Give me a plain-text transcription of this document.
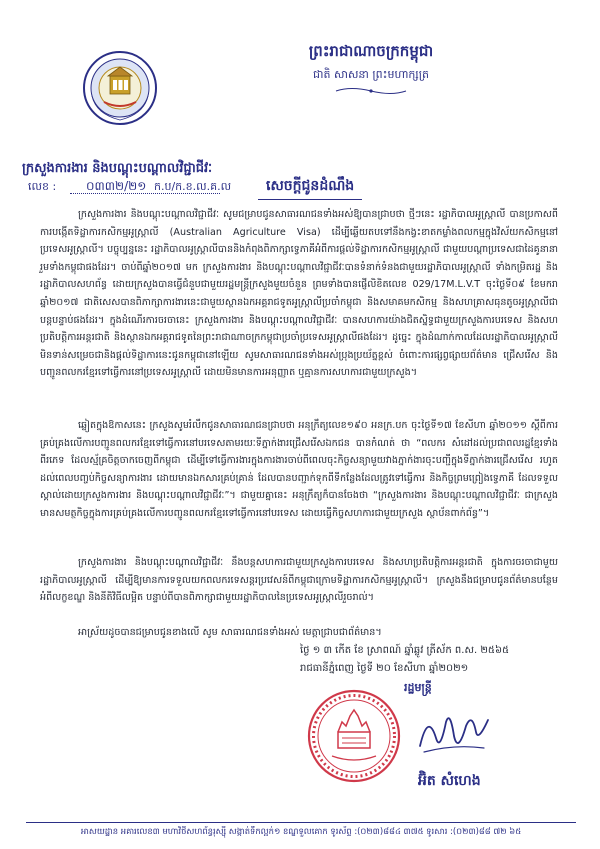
ព្រះរាជាណាចក្រកម្ពុជា
ជាតិ សាសនា ព្រះមហាក្សត្រ
ក្រសួងការងារ និងបណ្តុះបណ្តាលវិជ្ជាជីវៈ
លេខ : ០៣៣២/២១ ក.ប/ក.ខ.ល.គ.ល	សេចក្តីជូនដំណឹង
ក្រសួងការងារ និងបណ្តុះបណ្តាលវិជ្ជាជីវៈ សូមជម្រាបជូនសាធារណជនទាំងអស់ឱ្យបានជ្រាបថា ថ្មីៗនេះ រដ្ឋាភិបាលអូស្ត្រាលី បានប្រកាសពីការបង្កើតទិដ្ឋាការកសិកម្មអូស្ត្រាលី (Australian Agriculture Visa) ដើម្បីឆ្លើយតបទៅនឹងកង្វះខាតកម្លាំងពលកម្មក្នុងវិស័យកសិកម្មនៅប្រទេសអូស្ត្រាលី។ បច្ចុប្បន្ននេះ រដ្ឋាភិបាលអូស្ត្រាលីបាននិងកំពុងពិភាក្សាទ្វេភាគីអំពីការផ្តល់ទិដ្ឋាការកសិកម្មអូស្ត្រាលី ជាមួយបណ្តាប្រទេសជាដៃគូនានា រួមទាំងកម្ពុជាផងដែរ។ ចាប់ពីឆ្នាំ២០១៧ មក ក្រសួងការងារ និងបណ្តុះបណ្តាលវិជ្ជាជីវៈបានទំនាក់ទំនងជាមួយរដ្ឋាភិបាលអូស្ត្រាលី ទាំងកម្រិតរដ្ឋ និងរដ្ឋាភិបាលសហព័ន្ធ ដោយក្រសួងបានធ្វើជំនួបជាមួយរដ្ឋមន្ត្រីក្រសួងមួយចំនួន ព្រមទាំងបានផ្ញើលិខិតលេខ 029/17M.L.V.T ចុះថ្ងៃទី០៩ ខែមករា ឆ្នាំ២០១៧ ជាតិសេសបានពិភាក្សាការងារនេះជាមួយស្ថានឯកអគ្គរាជទូតអូស្ត្រាលីប្រចាំកម្ពុជា និងសមាគមកសិកម្ម និងសហគ្រាសធុនតូចអូស្ត្រាលីជាបន្តបន្ទាប់ផងដែរ។ ក្នុងដំណើរការចរចានេះ ក្រសួងការងារ និងបណ្តុះបណ្តាលវិជ្ជាជីវៈ បានសហការយ៉ាងជិតស្និទ្ធជាមួយក្រសួងការបរទេស និងសហប្រតិបត្តិការអន្តរជាតិ និងស្ថានឯកអគ្គរាជទូតនៃព្រះរាជាណាចក្រកម្ពុជាប្រចាំប្រទេសអូស្ត្រាលីផងដែរ។ ដូច្នេះ ក្នុងដំណាក់កាលដែលរដ្ឋាភិបាលអូស្ត្រាលីមិនទាន់សម្រេចជានិងផ្តល់ទិដ្ឋាការនេះជូនកម្ពុជានៅឡើយ សូមសាធារណជនទាំងអស់ប្រុងប្រយ័ត្នខ្ពស់ ចំពោះការផ្សព្វផ្សាយព័ត៌មាន ជ្រើសរើស និងបញ្ជូនពលករខ្មែរទៅធ្វើការនៅប្រទេសអូស្ត្រាលី ដោយមិនមានការអនុញ្ញាត ឬគ្មានការសហការជាមួយក្រសួង។
ឆ្លៀតក្នុងឱកាសនេះ ក្រសួងសូមរំលឹកជូនសាធារណជនជ្រាបថា អនុក្រឹត្យលេខ១៩០ អនក្រ.បក ចុះថ្ងៃទី១៧ ខែសីហា ឆ្នាំ២០១១ ស្តីពីការគ្រប់គ្រងលើការបញ្ជូនពលករខ្មែរទៅធ្វើការនៅបរទេសតាមរយៈទីភ្នាក់ងារជ្រើសរើសឯកជន បានកំណត់ ថា “ពលករ សំដៅដល់ប្រជាពលរដ្ឋខ្មែរទាំងពីរភេទ ដែលស្ម័គ្រចិត្តចាកចេញពីកម្ពុជា ដើម្បីទៅធ្វើការងារក្នុងការងារចាប់ពីពេលចុះកិច្ចសន្យាមួយវាងភ្នាក់ងារចុះបញ្ជីក្នុងទីភ្នាក់ងារជ្រើសរើស រហូតដល់ពេលបញ្ចប់កិច្ចសន្យាការងារ ដោយមានឯកសារគ្រប់គ្រាន់ ដែលបានបញ្ជាក់ទុកពីទីកន្លែងដែលត្រូវទៅធ្វើការ និងកិច្ចព្រមព្រៀងទ្វេភាគី ដែលទទួលស្គាល់ដោយក្រសួងការងារ និងបណ្តុះបណ្តាលវិជ្ជាជីវៈ”។ ជាមួយគ្នានេះ អនុក្រឹត្យក៏បានចែងថា “ក្រសួងការងារ និងបណ្តុះបណ្តាលវិជ្ជាជីវៈ ជាក្រសួងមានសមត្ថកិច្ចក្នុងការគ្រប់គ្រងលើការបញ្ជូនពលករខ្មែរទៅធ្វើការនៅបរទេស ដោយធ្វើកិច្ចសហការជាមួយក្រសួង ស្ថាប័នពាក់ព័ន្ធ”។
ក្រសួងការងារ និងបណ្តុះបណ្តាលវិជ្ជាជីវៈ នឹងបន្តសហការជាមួយក្រសួងការបរទេស និងសហប្រតិបត្តិការអន្តរជាតិ ក្នុងការចរចាជាមួយរដ្ឋាភិបាលអូស្ត្រាលី ដើម្បីឱ្យមានការទទួលយកពលករទេសន្តរប្រវេសន៍ពីកម្ពុជាក្រោមទិដ្ឋាការកសិកម្មអូស្ត្រាលី។ ក្រសួងនឹងជម្រាបជូនព័ត៌មានបន្ថែមអំពីលក្ខខណ្ឌ និងនីតិវិធីលម្អិត បន្ទាប់ពីបានពិភាក្សាជាមួយរដ្ឋាភិបាលនៃប្រទេសអូស្ត្រាលីរួចរាល់។
អាស្រ័យដូចបានជម្រាបជូនខាងលើ សូម សាធារណជនទាំងអស់ មេត្តាជ្រាបជាព័ត៌មាន។
ថ្ងៃ ១ ៣ កើត ខែ ស្រាពណ៍ ឆ្នាំឆ្លូវ ត្រីស័ក ព.ស. ២៥៦៥
រាជធានីភ្នំពេញ ថ្ងៃទី ២០ ខែសីហា ឆ្នាំ២០២១
រដ្ឋមន្ត្រី
អ៊ិត សំហេង
អាសយដ្ឋាន អគារលេខ៣ មហាវិថីសហព័ន្ធរុស្ស៊ី សង្កាត់ទឹកល្អក់១ ខណ្ឌទួលគោក ទូរស័ព្ទ :(០២៣)៨៨៤ ៣៧៥ ទូរសារ :(០២៣)៨៨ ៧២ ៦៥
